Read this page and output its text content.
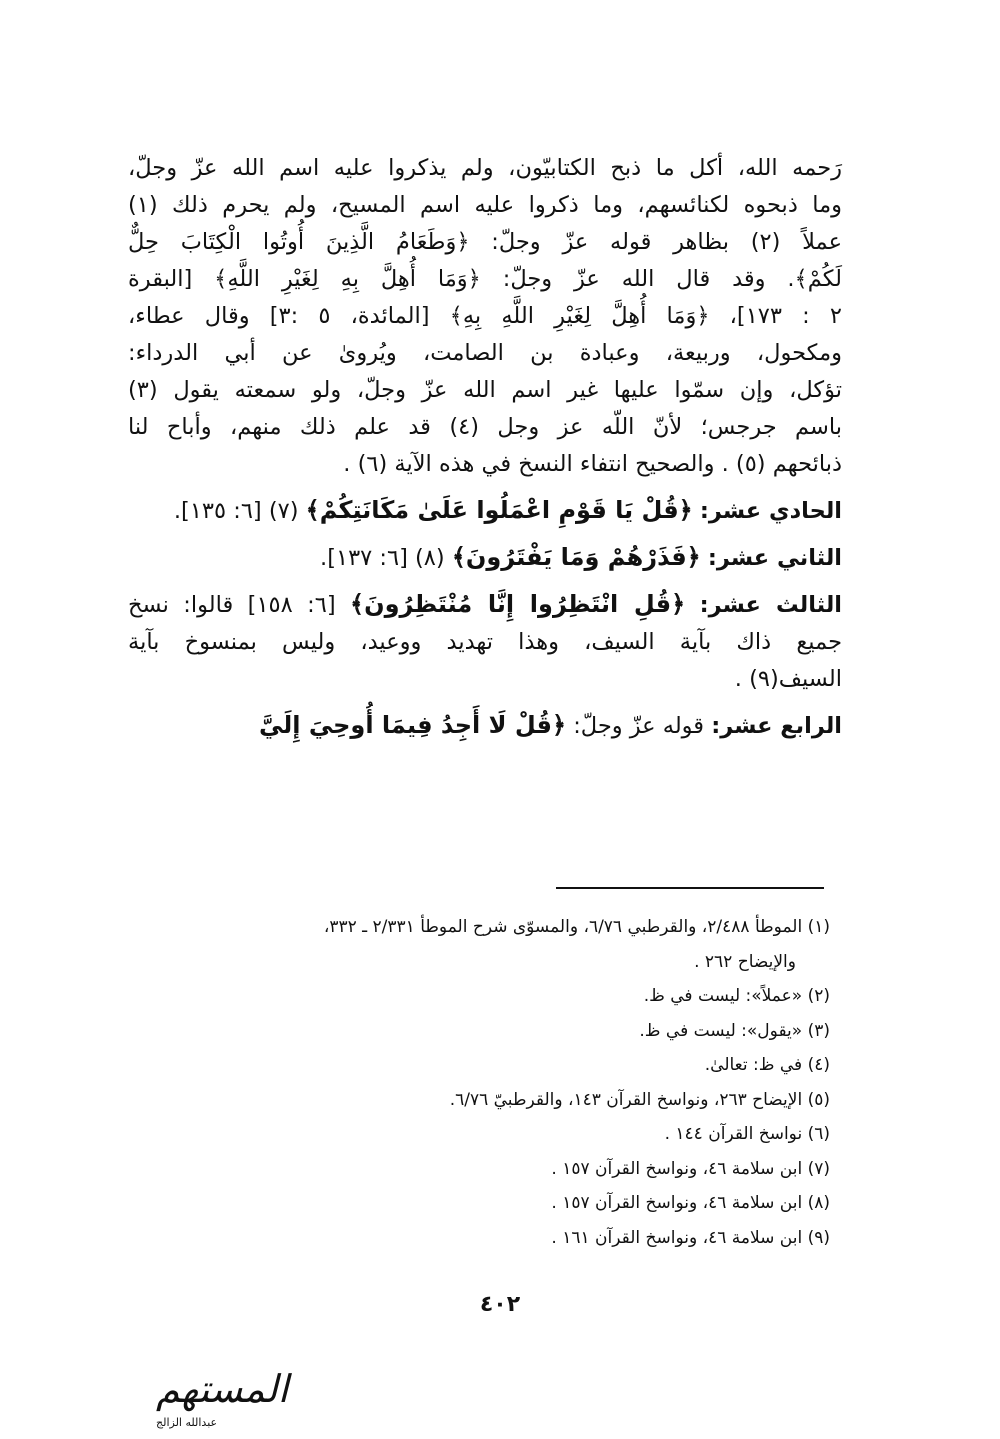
رَحمه الله، أكل ما ذبح الكتابيّون، ولم يذكروا عليه اسم الله عزّ وجلّ،
وما ذبحوه لكنائسهم، وما ذكروا عليه اسم المسيح، ولم يحرم ذلك (١)
عملاً (٢) بظاهر قوله عزّ وجلّ: ﴿وَطَعَامُ الَّذِينَ أُوتُوا الْكِتَابَ حِلٌّ
لَكُمْ﴾. وقد قال الله عزّ وجلّ: ﴿وَمَا أُهِلَّ بِهِ لِغَيْرِ اللَّهِ﴾ [البقرة
٢ : ١٧٣]، ﴿وَمَا أُهِلَّ لِغَيْرِ اللَّهِ بِهِ﴾ [المائدة، ٥ :٣] وقال عطاء،
ومكحول، وربيعة، وعبادة بن الصامت، ويُروىٰ عن أبي الدرداء:
تؤكل، وإن سمّوا عليها غير اسم الله عزّ وجلّ، ولو سمعته يقول (٣)
باسم جرجس؛ لأنّ اللّه عز وجل (٤) قد علم ذلك منهم، وأباح لنا
ذبائحهم (٥) . والصحيح انتفاء النسخ في هذه الآية (٦) .

الحادي عشر: ﴿قُلْ يَا قَوْمِ اعْمَلُوا عَلَىٰ مَكَانَتِكُمْ﴾ (٧) [٦: ١٣٥].

الثاني عشر: ﴿فَذَرْهُمْ وَمَا يَفْتَرُونَ﴾ (٨) [٦: ١٣٧].

الثالث عشر: ﴿قُلِ انْتَظِرُوا إِنَّا مُنْتَظِرُونَ﴾ [٦: ١٥٨] قالوا: نسخ
جميع ذاك بآية السيف، وهذا تهديد ووعيد، وليس بمنسوخ بآية
السيف(٩) .

الرابع عشر: قوله عزّ وجلّ: ﴿قُلْ لَا أَجِدُ فِيمَا أُوحِيَ إِلَيَّ

(١) الموطأ ٢/٤٨٨، والقرطبي ٦/٧٦، والمسوّى شرح الموطأ ٢/٣٣١ ـ ٣٣٢،
والإيضاح ٢٦٢ .
(٢) «عملاً»: ليست في ظ.
(٣) «يقول»: ليست في ظ.
(٤) في ظ: تعالىٰ.
(٥) الإيضاح ٢٦٣، ونواسخ القرآن ١٤٣، والقرطبيّ ٦/٧٦.
(٦) نواسخ القرآن ١٤٤ .
(٧) ابن سلامة ٤٦، ونواسخ القرآن ١٥٧ .
(٨) ابن سلامة ٤٦، ونواسخ القرآن ١٥٧ .
(٩) ابن سلامة ٤٦، ونواسخ القرآن ١٦١ .
٤٠٢
المستهم
عبدالله الزالج
